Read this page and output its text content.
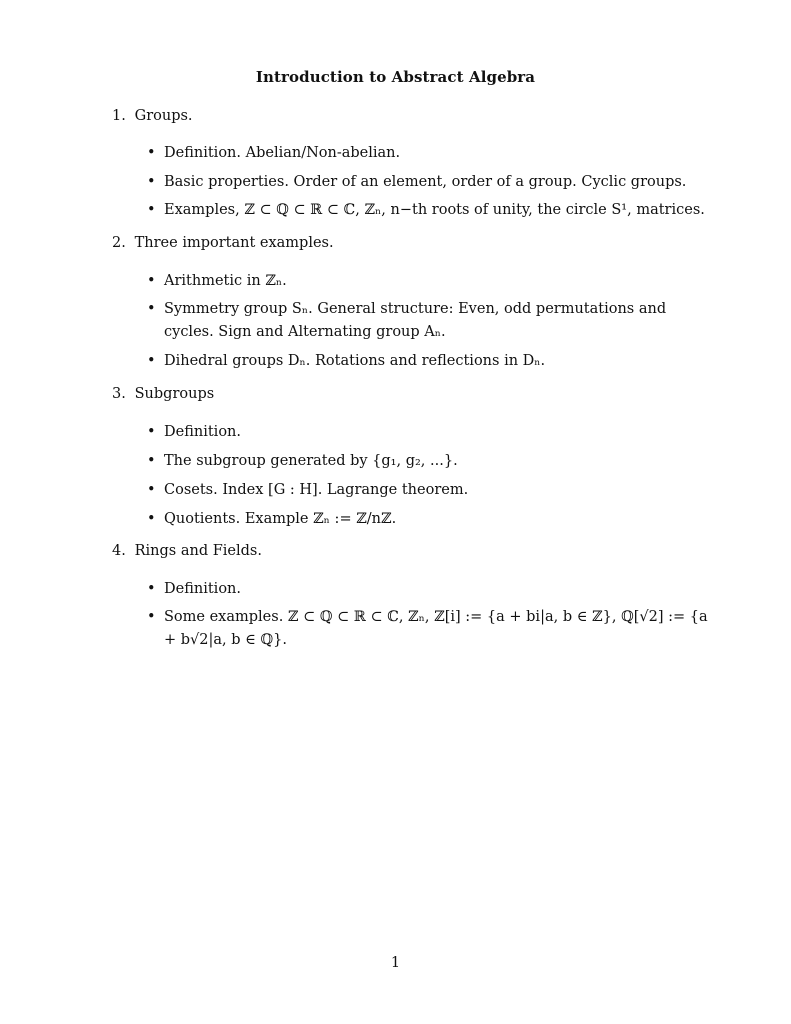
Introduction to Abstract Algebra
1. Groups.
• Definition. Abelian/Non-abelian.
• Basic properties. Order of an element, order of a group. Cyclic groups.
• Examples, ℤ ⊂ ℚ ⊂ ℝ ⊂ ℂ, ℤₙ, n−th roots of unity, the circle S¹, matrices.
2. Three important examples.
• Arithmetic in ℤₙ.
• Symmetry group Sₙ. General structure: Even, odd permutations and cycles. Sign and Alternating group Aₙ.
• Dihedral groups Dₙ. Rotations and reflections in Dₙ.
3. Subgroups
• Definition.
• The subgroup generated by {g₁, g₂, ...}.
• Cosets. Index [G : H]. Lagrange theorem.
• Quotients. Example ℤₙ := ℤ/nℤ.
4. Rings and Fields.
• Definition.
• Some examples. ℤ ⊂ ℚ ⊂ ℝ ⊂ ℂ, ℤₙ, ℤ[i] := {a + bi|a, b ∈ ℤ}, ℚ[√2] := {a + b√2|a, b ∈ ℚ}.
1
